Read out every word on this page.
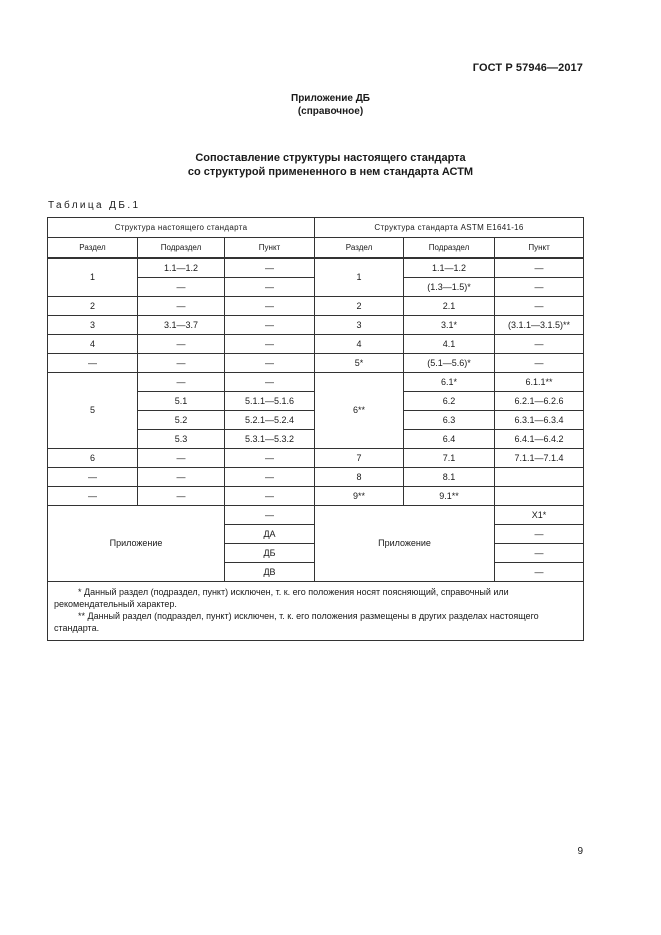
ГОСТ Р 57946—2017
Приложение ДБ
(справочное)
Сопоставление структуры настоящего стандарта
со структурой примененного в нем стандарта АСТМ
Таблица ДБ.1
Структура настоящего стандарта			Структура стандарта ASTM E1641-16		
Раздел	Подраздел	Пункт	Раздел	Подраздел	Пункт
1	1.1—1.2	—	1	1.1—1.2	—
	—	—		(1.3—1.5)*	—
2	—	—	2	2.1	—
3	3.1—3.7	—	3	3.1*	(3.1.1—3.1.5)**
4	—	—	4	4.1	—
—	—	—	5*	(5.1—5.6)*	—
5	—	—	6**	6.1*	6.1.1**
	5.1	5.1.1—5.1.6		6.2	6.2.1—6.2.6
	5.2	5.2.1—5.2.4		6.3	6.3.1—6.3.4
	5.3	5.3.1—5.3.2		6.4	6.4.1—6.4.2
6	—	—	7	7.1	7.1.1—7.1.4
—	—	—	8	8.1	
—	—	—	9**	9.1**	
Приложение		—	Приложение		Х1*
		ДА			—
		ДБ			—
		ДВ			—

* Данный раздел (подраздел, пункт) исключен, т. к. его положения носят поясняющий, справочный или рекомендательный характер.
** Данный раздел (подраздел, пункт) исключен, т. к. его положения размещены в других разделах настоящего стандарта.					
9
